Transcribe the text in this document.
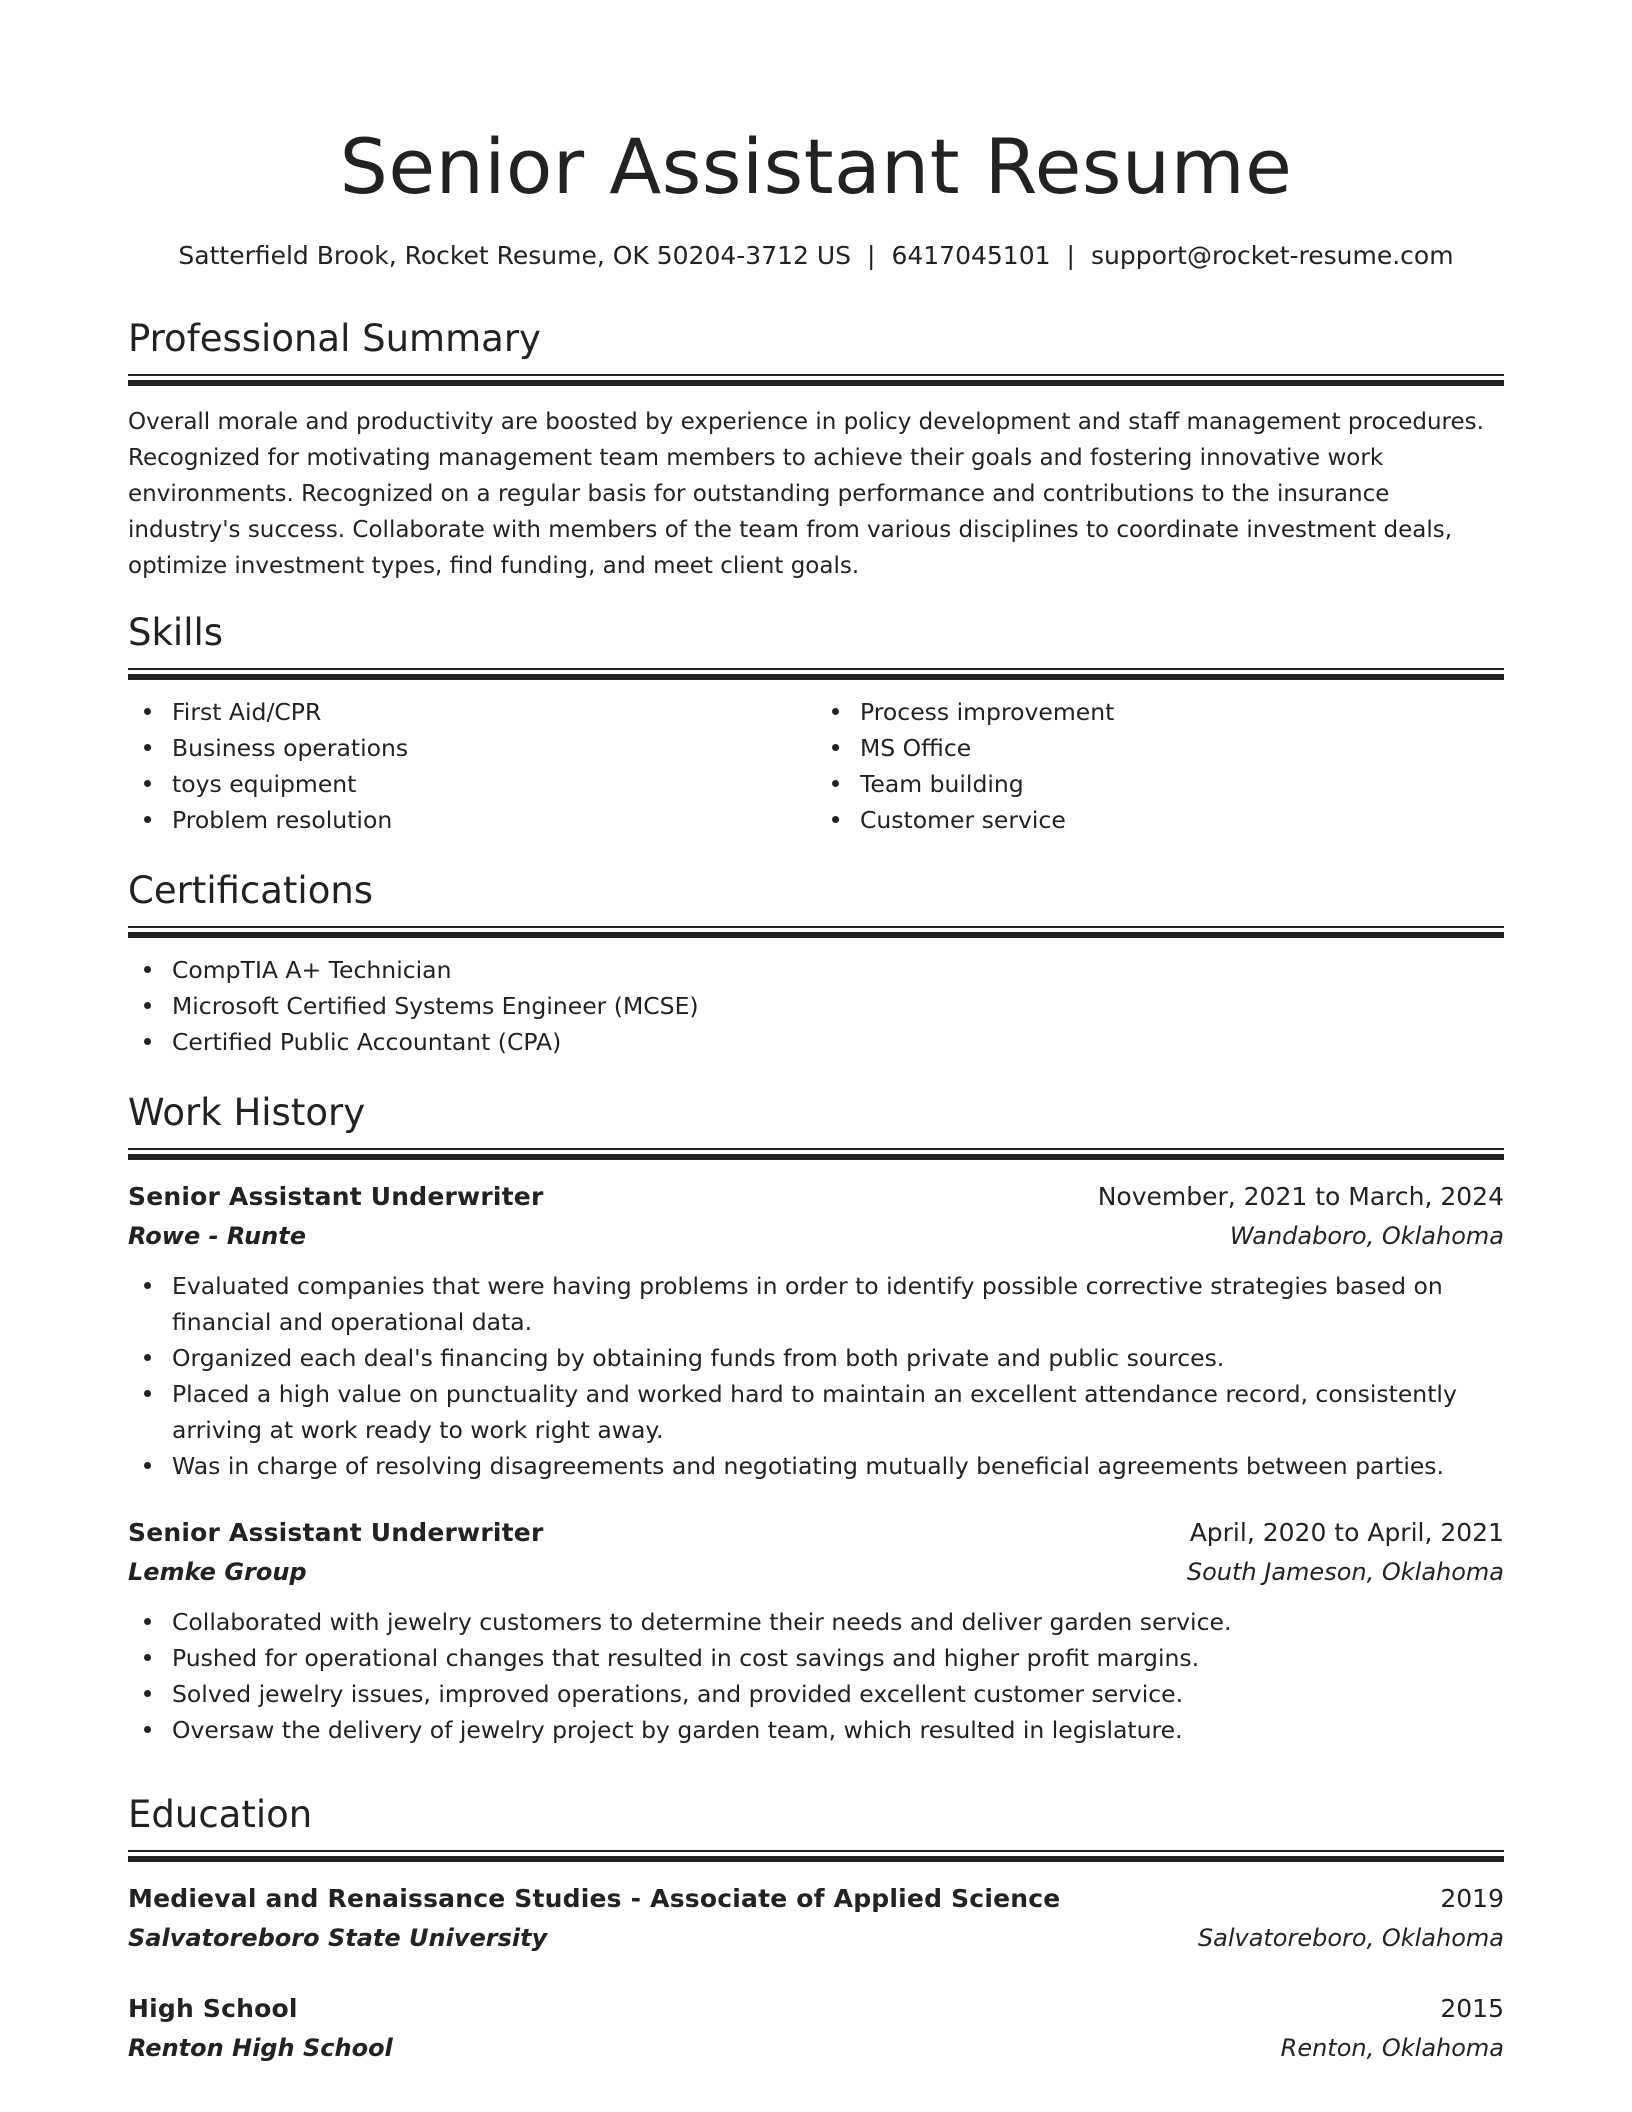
Senior Assistant Resume
Satterfield Brook, Rocket Resume, OK 50204-3712 US | 6417045101 | support@rocket-resume.com
Professional Summary

Overall morale and productivity are boosted by experience in policy development and staff management procedures. Recognized for motivating management team members to achieve their goals and fostering innovative work environments. Recognized on a regular basis for outstanding performance and contributions to the insurance industry's success. Collaborate with members of the team from various disciplines to coordinate investment deals, optimize investment types, find funding, and meet client goals.

Skills
First Aid/CPR
Business operations
toys equipment
Problem resolution
Process improvement
MS Office
Team building
Customer service
Certifications
CompTIA A+ Technician
Microsoft Certified Systems Engineer (MCSE)
Certified Public Accountant (CPA)
Work History
Senior Assistant Underwriter	November, 2021 to March, 2024
Rowe - Runte	Wandaboro, Oklahoma
Evaluated companies that were having problems in order to identify possible corrective strategies based on financial and operational data.
Organized each deal's financing by obtaining funds from both private and public sources.
Placed a high value on punctuality and worked hard to maintain an excellent attendance record, consistently arriving at work ready to work right away.
Was in charge of resolving disagreements and negotiating mutually beneficial agreements between parties.
Senior Assistant Underwriter	April, 2020 to April, 2021
Lemke Group	South Jameson, Oklahoma
Collaborated with jewelry customers to determine their needs and deliver garden service.
Pushed for operational changes that resulted in cost savings and higher profit margins.
Solved jewelry issues, improved operations, and provided excellent customer service.
Oversaw the delivery of jewelry project by garden team, which resulted in legislature.
Education
Medieval and Renaissance Studies - Associate of Applied Science	2019
Salvatoreboro State University	Salvatoreboro, Oklahoma
High School	2015
Renton High School	Renton, Oklahoma
